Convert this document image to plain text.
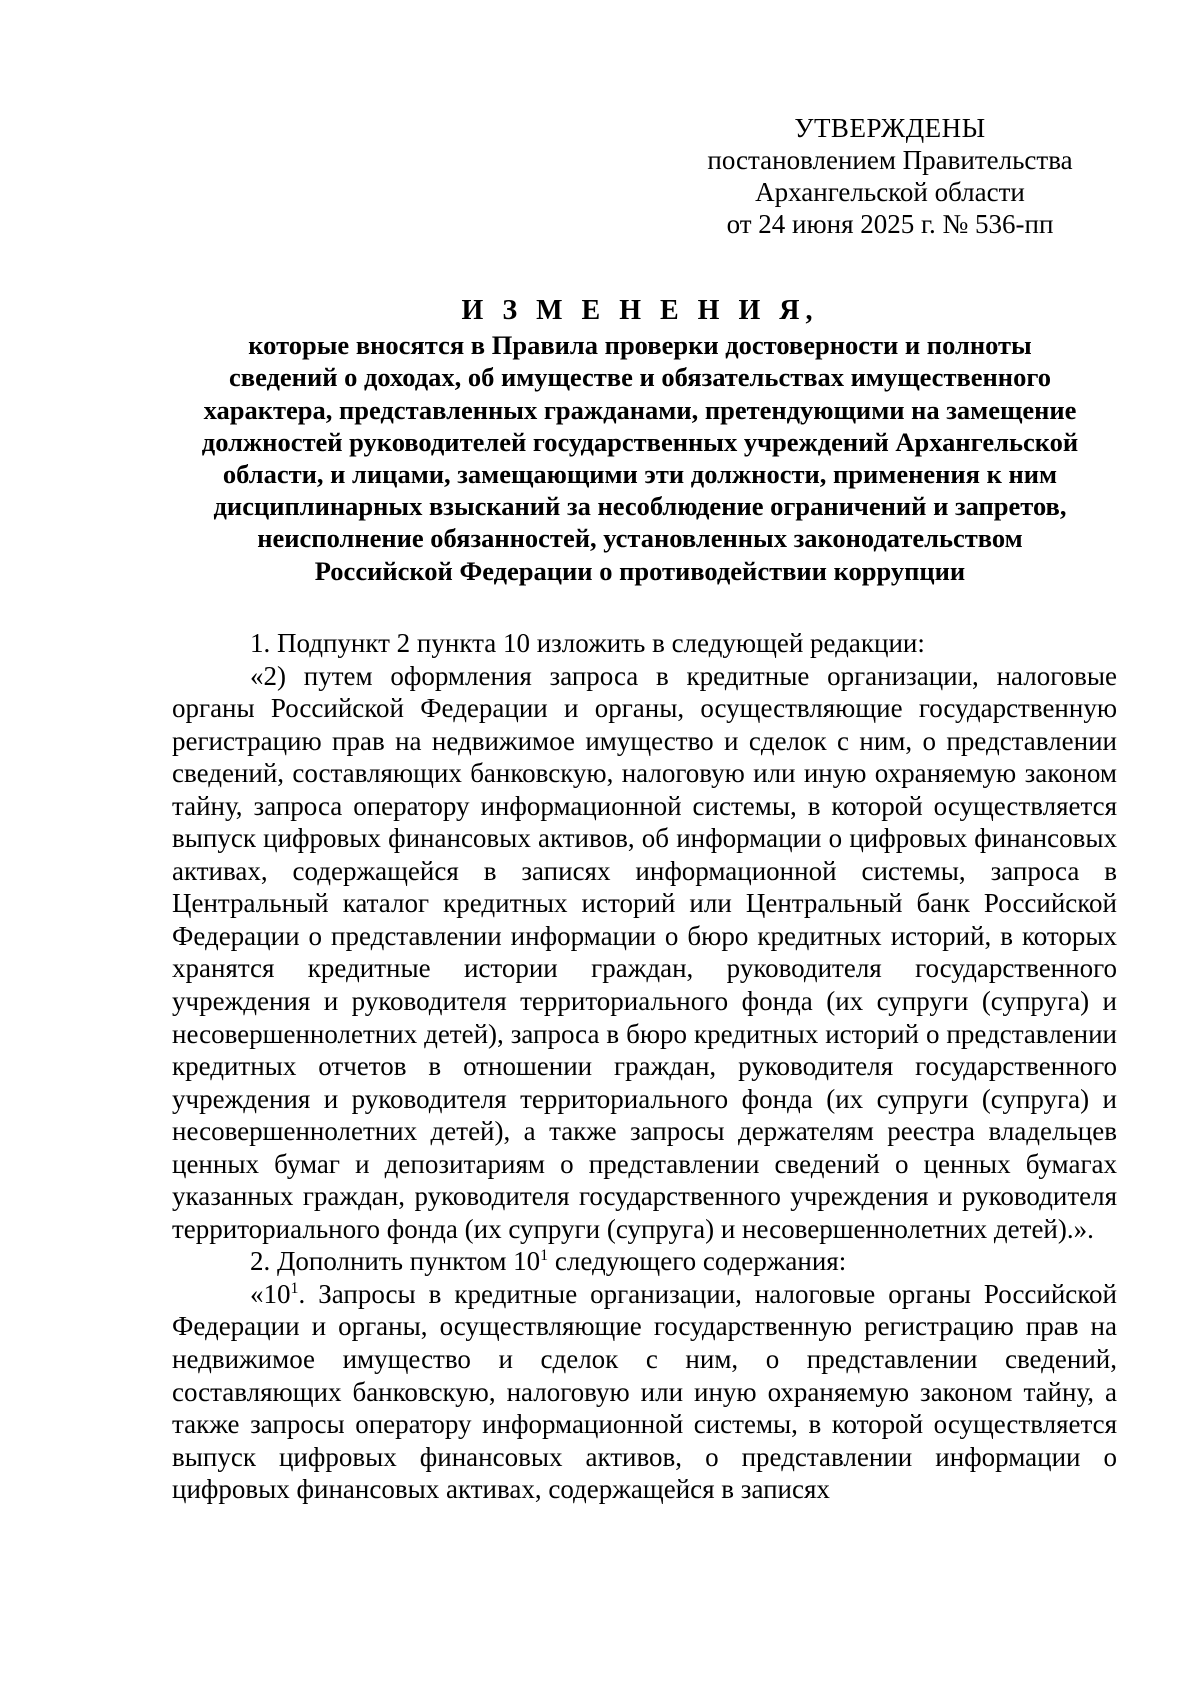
УТВЕРЖДЕНЫ
постановлением Правительства
Архангельской области
от 24 июня 2025 г. № 536-пп
И З М Е Н Е Н И Я,
которые вносятся в Правила проверки достоверности и полноты
сведений о доходах, об имуществе и обязательствах имущественного
характера, представленных гражданами, претендующими на замещение
должностей руководителей государственных учреждений Архангельской
области, и лицами, замещающими эти должности, применения к ним
дисциплинарных взысканий за несоблюдение ограничений и запретов,
неисполнение обязанностей, установленных законодательством
Российской Федерации о противодействии коррупции

1. Подпункт 2 пункта 10 изложить в следующей редакции:

«2) путем оформления запроса в кредитные организации, налоговые органы Российской Федерации и органы, осуществляющие государственную регистрацию прав на недвижимое имущество и сделок с ним, о представлении сведений, составляющих банковскую, налоговую или иную охраняемую законом тайну, запроса оператору информационной системы, в которой осуществляется выпуск цифровых финансовых активов, об информации о цифровых финансовых активах, содержащейся в записях информационной системы, запроса в Центральный каталог кредитных историй или Центральный банк Российской Федерации о представлении информации о бюро кредитных историй, в которых хранятся кредитные истории граждан, руководителя государственного учреждения и руководителя территориального фонда (их супруги (супруга) и несовершеннолетних детей), запроса в бюро кредитных историй о представлении кредитных отчетов в отношении граждан, руководителя государственного учреждения и руководителя территориального фонда (их супруги (супруга) и несовершеннолетних детей), а также запросы держателям реестра владельцев ценных бумаг и депозитариям о представлении сведений о ценных бумагах указанных граждан, руководителя государственного учреждения и руководителя территориального фонда (их супруги (супруга) и несовершеннолетних детей).».

2. Дополнить пунктом $10^1$ следующего содержания:

«$10^1$. Запросы в кредитные организации, налоговые органы Российской Федерации и органы, осуществляющие государственную регистрацию прав на недвижимое имущество и сделок с ним, о представлении сведений, составляющих банковскую, налоговую или иную охраняемую законом тайну, а также запросы оператору информационной системы, в которой осуществляется выпуск цифровых финансовых активов, о представлении информации о цифровых финансовых активах, содержащейся в записях
